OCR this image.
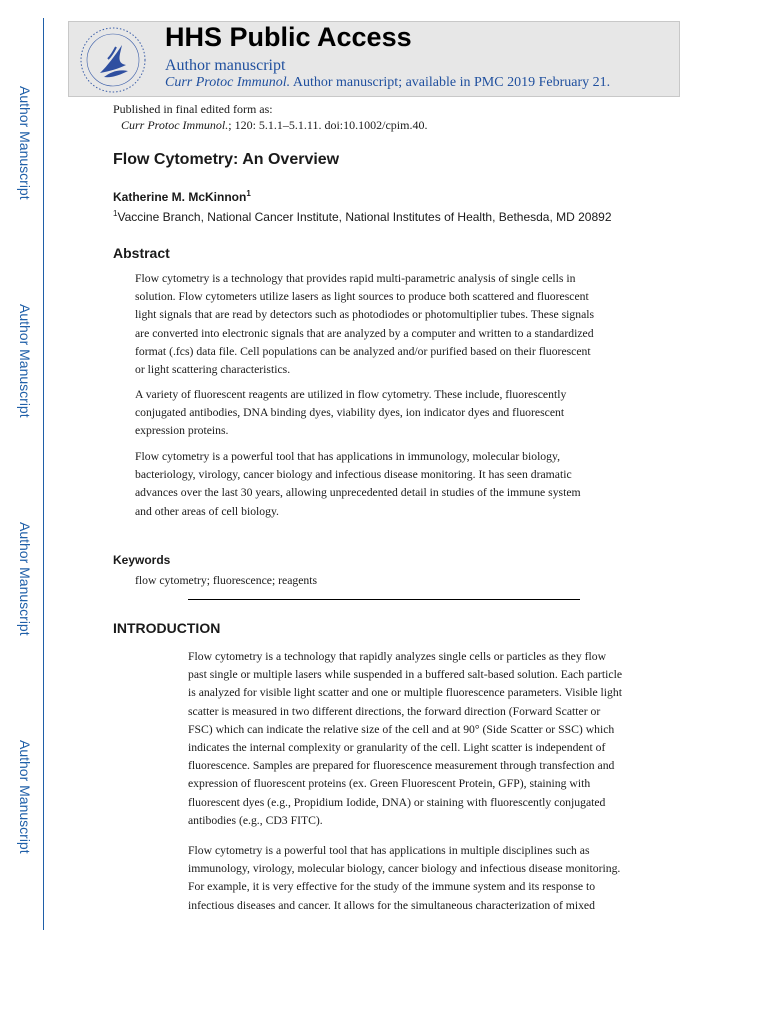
Author Manuscript
Author Manuscript
Author Manuscript
Author Manuscript
HHS Public Access
Author manuscript
Curr Protoc Immunol. Author manuscript; available in PMC 2019 February 21.
Published in final edited form as:
Curr Protoc Immunol.; 120: 5.1.1–5.1.11. doi:10.1002/cpim.40.
Flow Cytometry: An Overview
Katherine M. McKinnon$^1$
$^1$Vaccine Branch, National Cancer Institute, National Institutes of Health, Bethesda, MD 20892
Abstract
Flow cytometry is a technology that provides rapid multi-parametric analysis of single cells in
solution. Flow cytometers utilize lasers as light sources to produce both scattered and fluorescent
light signals that are read by detectors such as photodiodes or photomultiplier tubes. These signals
are converted into electronic signals that are analyzed by a computer and written to a standardized
format (.fcs) data file. Cell populations can be analyzed and/or purified based on their fluorescent
or light scattering characteristics.
A variety of fluorescent reagents are utilized in flow cytometry. These include, fluorescently
conjugated antibodies, DNA binding dyes, viability dyes, ion indicator dyes and fluorescent
expression proteins.
Flow cytometry is a powerful tool that has applications in immunology, molecular biology,
bacteriology, virology, cancer biology and infectious disease monitoring. It has seen dramatic
advances over the last 30 years, allowing unprecedented detail in studies of the immune system
and other areas of cell biology.
Keywords
flow cytometry; fluorescence; reagents
INTRODUCTION
Flow cytometry is a technology that rapidly analyzes single cells or particles as they flow
past single or multiple lasers while suspended in a buffered salt-based solution. Each particle
is analyzed for visible light scatter and one or multiple fluorescence parameters. Visible light
scatter is measured in two different directions, the forward direction (Forward Scatter or
FSC) which can indicate the relative size of the cell and at 90° (Side Scatter or SSC) which
indicates the internal complexity or granularity of the cell. Light scatter is independent of
fluorescence. Samples are prepared for fluorescence measurement through transfection and
expression of fluorescent proteins (ex. Green Fluorescent Protein, GFP), staining with
fluorescent dyes (e.g., Propidium Iodide, DNA) or staining with fluorescently conjugated
antibodies (e.g., CD3 FITC).
Flow cytometry is a powerful tool that has applications in multiple disciplines such as
immunology, virology, molecular biology, cancer biology and infectious disease monitoring.
For example, it is very effective for the study of the immune system and its response to
infectious diseases and cancer. It allows for the simultaneous characterization of mixed
